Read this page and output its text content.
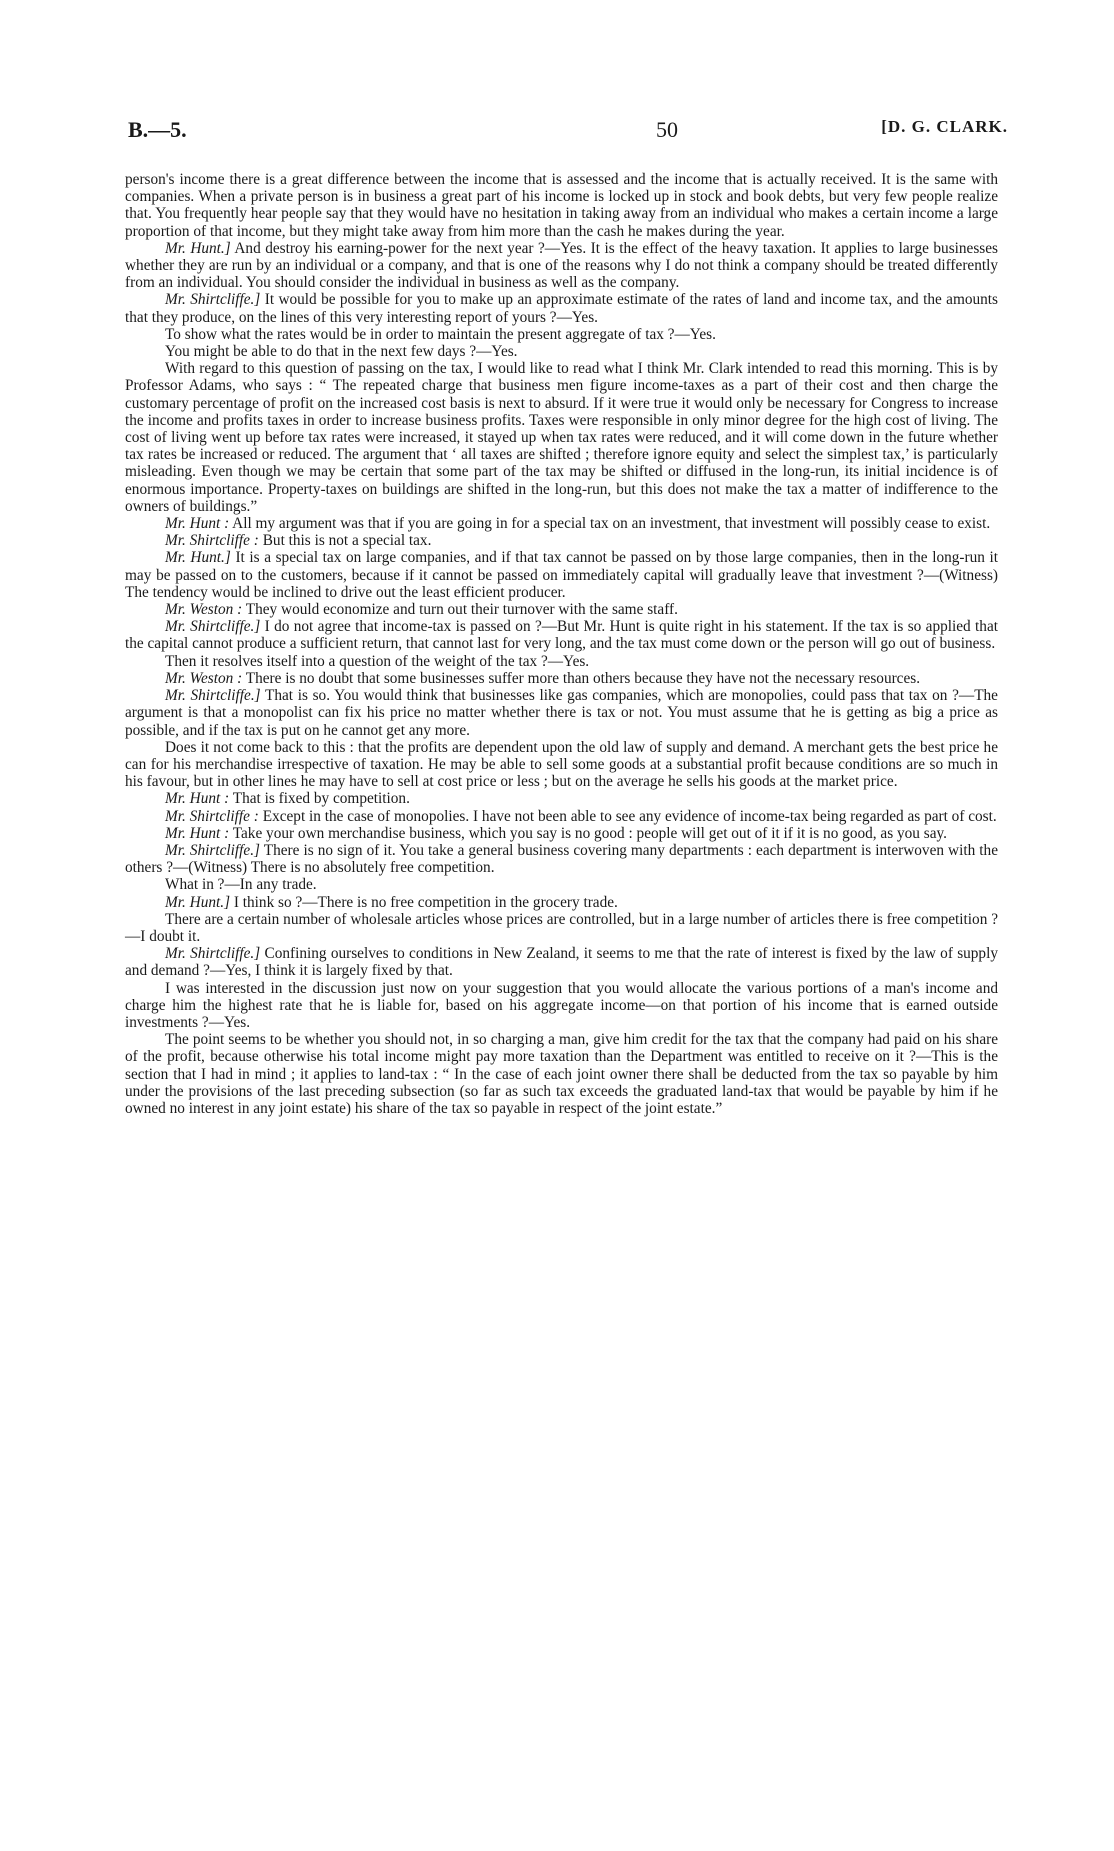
B.—5.	50	[D. G. CLARK.

person's income there is a great difference between the income that is assessed and the income that is actually received. It is the same with companies. When a private person is in business a great part of his income is locked up in stock and book debts, but very few people realize that. You frequently hear people say that they would have no hesitation in taking away from an individual who makes a certain income a large proportion of that income, but they might take away from him more than the cash he makes during the year.

Mr. Hunt.] And destroy his earning-power for the next year ?—Yes. It is the effect of the heavy taxation. It applies to large businesses whether they are run by an individual or a company, and that is one of the reasons why I do not think a company should be treated differently from an individual. You should consider the individual in business as well as the company.

Mr. Shirtcliffe.] It would be possible for you to make up an approximate estimate of the rates of land and income tax, and the amounts that they produce, on the lines of this very interesting report of yours ?—Yes.

To show what the rates would be in order to maintain the present aggregate of tax ?—Yes.

You might be able to do that in the next few days ?—Yes.

With regard to this question of passing on the tax, I would like to read what I think Mr. Clark intended to read this morning. This is by Professor Adams, who says : “ The repeated charge that business men figure income-taxes as a part of their cost and then charge the customary percentage of profit on the increased cost basis is next to absurd. If it were true it would only be necessary for Congress to increase the income and profits taxes in order to increase business profits. Taxes were responsible in only minor degree for the high cost of living. The cost of living went up before tax rates were increased, it stayed up when tax rates were reduced, and it will come down in the future whether tax rates be increased or reduced. The argument that ‘ all taxes are shifted ; therefore ignore equity and select the simplest tax,’ is particularly misleading. Even though we may be certain that some part of the tax may be shifted or diffused in the long-run, its initial incidence is of enormous importance. Property-taxes on buildings are shifted in the long-run, but this does not make the tax a matter of indifference to the owners of buildings.”

Mr. Hunt : All my argument was that if you are going in for a special tax on an investment, that investment will possibly cease to exist.

Mr. Shirtcliffe : But this is not a special tax.

Mr. Hunt.] It is a special tax on large companies, and if that tax cannot be passed on by those large companies, then in the long-run it may be passed on to the customers, because if it cannot be passed on immediately capital will gradually leave that investment ?—(Witness) The tendency would be inclined to drive out the least efficient producer.

Mr. Weston : They would economize and turn out their turnover with the same staff.

Mr. Shirtcliffe.] I do not agree that income-tax is passed on ?—But Mr. Hunt is quite right in his statement. If the tax is so applied that the capital cannot produce a sufficient return, that cannot last for very long, and the tax must come down or the person will go out of business.

Then it resolves itself into a question of the weight of the tax ?—Yes.

Mr. Weston : There is no doubt that some businesses suffer more than others because they have not the necessary resources.

Mr. Shirtcliffe.] That is so. You would think that businesses like gas companies, which are monopolies, could pass that tax on ?—The argument is that a monopolist can fix his price no matter whether there is tax or not. You must assume that he is getting as big a price as possible, and if the tax is put on he cannot get any more.

Does it not come back to this : that the profits are dependent upon the old law of supply and demand. A merchant gets the best price he can for his merchandise irrespective of taxation. He may be able to sell some goods at a substantial profit because conditions are so much in his favour, but in other lines he may have to sell at cost price or less ; but on the average he sells his goods at the market price.

Mr. Hunt : That is fixed by competition.

Mr. Shirtcliffe : Except in the case of monopolies. I have not been able to see any evidence of income-tax being regarded as part of cost.

Mr. Hunt : Take your own merchandise business, which you say is no good : people will get out of it if it is no good, as you say.

Mr. Shirtcliffe.] There is no sign of it. You take a general business covering many departments : each department is interwoven with the others ?—(Witness) There is no absolutely free competition.

What in ?—In any trade.

Mr. Hunt.] I think so ?—There is no free competition in the grocery trade.

There are a certain number of wholesale articles whose prices are controlled, but in a large number of articles there is free competition ?—I doubt it.

Mr. Shirtcliffe.] Confining ourselves to conditions in New Zealand, it seems to me that the rate of interest is fixed by the law of supply and demand ?—Yes, I think it is largely fixed by that.

I was interested in the discussion just now on your suggestion that you would allocate the various portions of a man's income and charge him the highest rate that he is liable for, based on his aggregate income—on that portion of his income that is earned outside investments ?—Yes.

The point seems to be whether you should not, in so charging a man, give him credit for the tax that the company had paid on his share of the profit, because otherwise his total income might pay more taxation than the Department was entitled to receive on it ?—This is the section that I had in mind ; it applies to land-tax : “ In the case of each joint owner there shall be deducted from the tax so payable by him under the provisions of the last preceding subsection (so far as such tax exceeds the graduated land-tax that would be payable by him if he owned no interest in any joint estate) his share of the tax so payable in respect of the joint estate.”
